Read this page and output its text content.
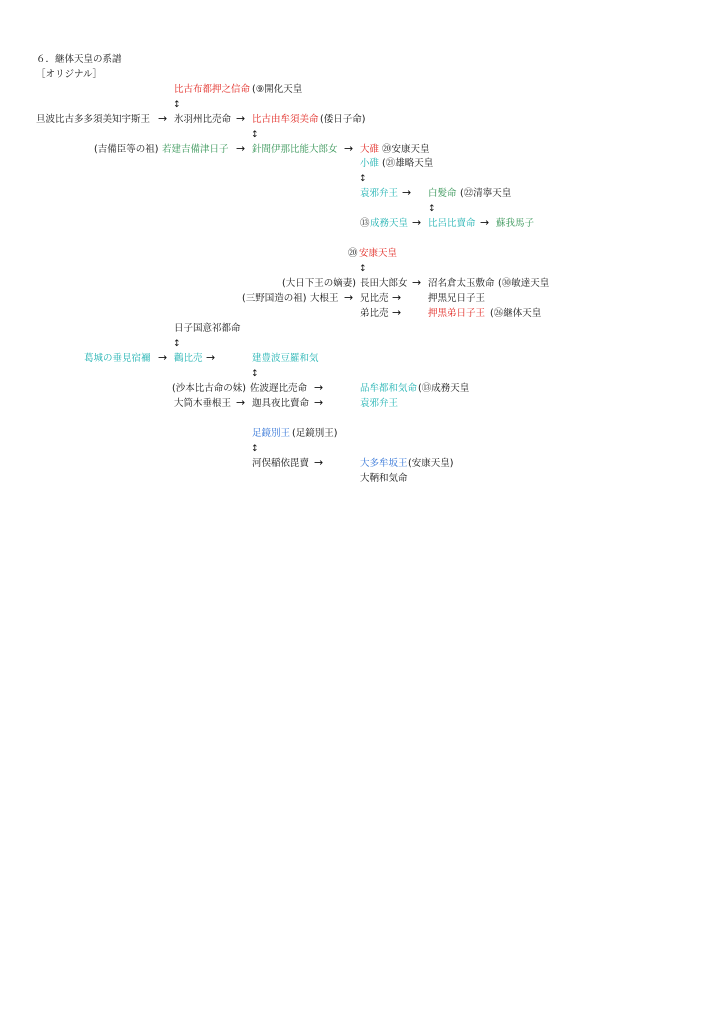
６．継体天皇の系譜
［オリジナル］
比古布都押之信命 (⑨開化天皇
↕
旦波比古多多須美知宇斯王 → 氷羽州比売命 → 比古由牟須美命 (倭日子命)
↕
(吉備臣等の祖) 若建吉備津日子 → 針間伊那比能大郎女 → 大碓 ⑳安康天皇
小碓 (㉑雄略天皇
↕
袁邪弁王 → 白髪命 (㉒清寧天皇
↕
⑬ 成務天皇 → 比呂比賣命 → 蘇我馬子
⑳ 安康天皇
↕
(大日下王の嫡妻) 長田大郎女 → 沼名倉太玉敷命 (㉚敏達天皇
(三野国造の祖) 大根王 → 兄比売 →	押黒兄日子王
弟比売 →	押黒弟日子王 (㉖継体天皇
日子国意祁都命
↕
葛城の垂見宿禰 → 鸛比売 →	建豊波豆羅和気
↕
(沙本比古命の妹) 佐波遅比売命 →	品牟都和気命 (⑬成務天皇
大筒木垂根王 → 迦具夜比賣命 →	袁邪弁王
足鏡別王 (足鏡別王)
↕
河俣稲依毘賣 →	大多牟坂王 (安康天皇)
大鞆和気命
